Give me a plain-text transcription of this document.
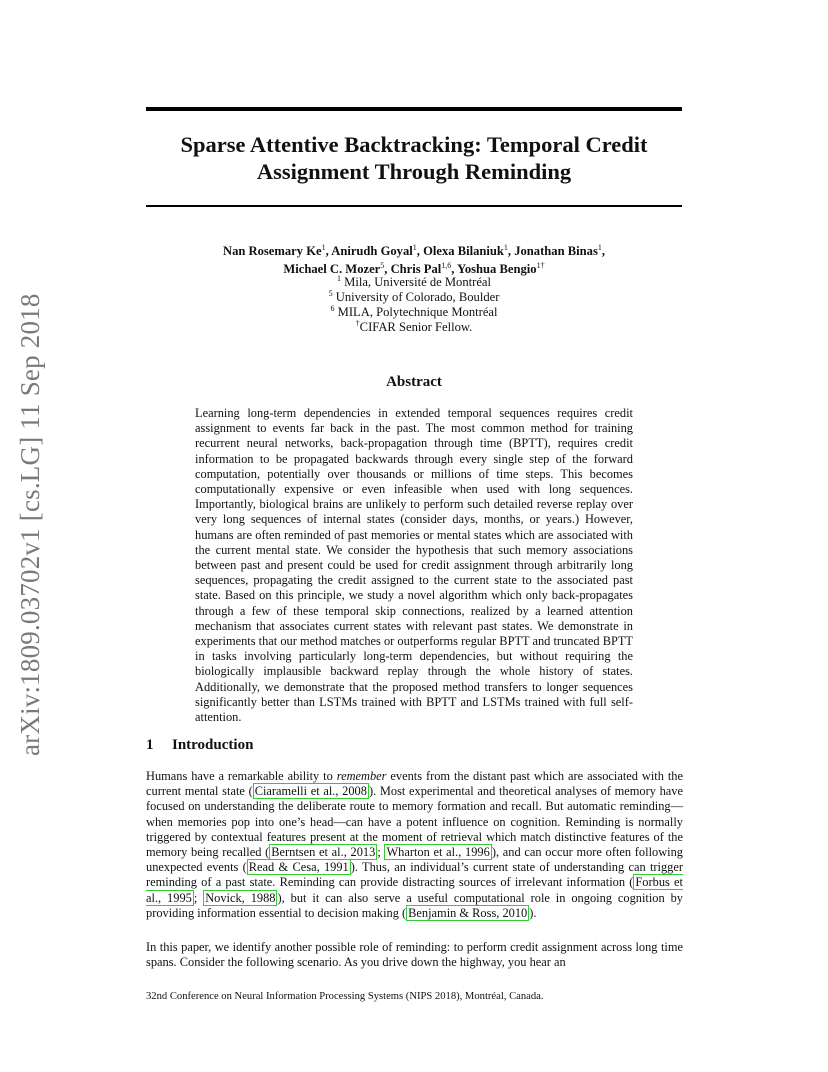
arXiv:1809.03702v1 [cs.LG] 11 Sep 2018
Sparse Attentive Backtracking: Temporal Credit
Assignment Through Reminding
Nan Rosemary Ke$^1$, Anirudh Goyal$^1$, Olexa Bilaniuk$^1$, Jonathan Binas$^1$,
Michael C. Mozer$^5$, Chris Pal$^{1,6}$, Yoshua Bengio$^{1\dagger}$
$^1$ Mila, Université de Montréal
$^5$ University of Colorado, Boulder
$^6$ MILA, Polytechnique Montréal
†CIFAR Senior Fellow.
Abstract
Learning long-term dependencies in extended temporal sequences requires credit assignment to events far back in the past. The most common method for training recurrent neural networks, back-propagation through time (BPTT), requires credit information to be propagated backwards through every single step of the forward computation, potentially over thousands or millions of time steps. This becomes computationally expensive or even infeasible when used with long sequences. Importantly, biological brains are unlikely to perform such detailed reverse replay over very long sequences of internal states (consider days, months, or years.) However, humans are often reminded of past memories or mental states which are associated with the current mental state. We consider the hypothesis that such memory associations between past and present could be used for credit assignment through arbitrarily long sequences, propagating the credit assigned to the current state to the associated past state. Based on this principle, we study a novel algorithm which only back-propagates through a few of these temporal skip connections, realized by a learned attention mechanism that associates current states with relevant past states. We demonstrate in experiments that our method matches or outperforms regular BPTT and truncated BPTT in tasks involving particularly long-term dependencies, but without requiring the biologically implausible backward replay through the whole history of states. Additionally, we demonstrate that the proposed method transfers to longer sequences significantly better than LSTMs trained with BPTT and LSTMs trained with full self-attention.
1 Introduction
Humans have a remarkable ability to remember events from the distant past which are associated with the current mental state ( Ciaramelli et al., 2008 ). Most experimental and theoretical analyses of memory have focused on understanding the deliberate route to memory formation and recall. But automatic reminding—when memories pop into one’s head—can have a potent influence on cognition. Reminding is normally triggered by contextual features present at the moment of retrieval which match distinctive features of the memory being recalled ( Berntsen et al., 2013 ; Wharton et al., 1996 ), and can occur more often following unexpected events ( Read & Cesa, 1991 ). Thus, an individual’s current state of understanding can trigger reminding of a past state. Reminding can provide distracting sources of irrelevant information ( Forbus et al., 1995 ; Novick, 1988 ), but it can also serve a useful computational role in ongoing cognition by providing information essential to decision making ( Benjamin & Ross, 2010 ).
In this paper, we identify another possible role of reminding: to perform credit assignment across long time spans. Consider the following scenario. As you drive down the highway, you hear an
32nd Conference on Neural Information Processing Systems (NIPS 2018), Montréal, Canada.
